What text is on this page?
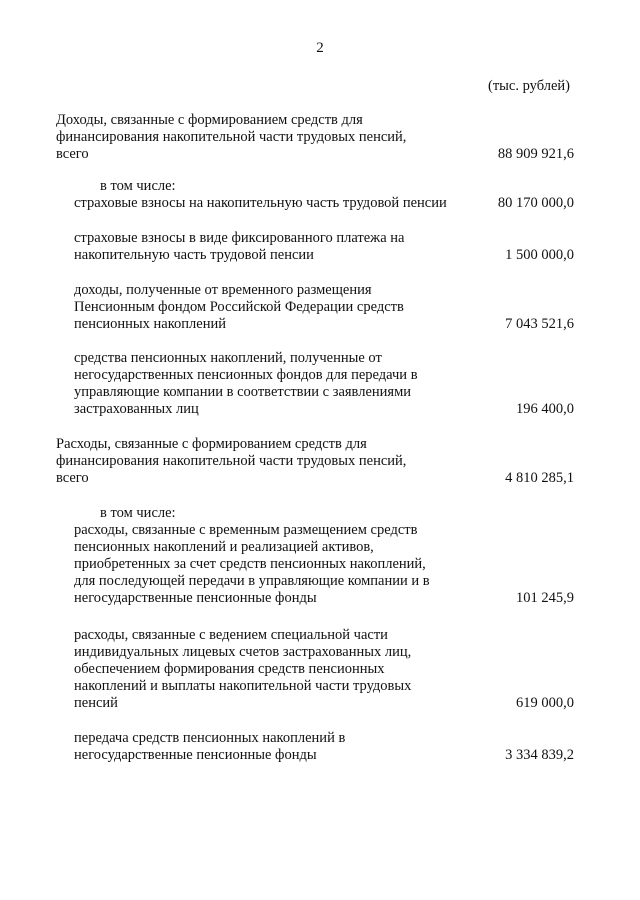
2
(тыс. рублей)
Доходы, связанные с формированием средств для
финансирования накопительной части трудовых пенсий,
всего	88 909 921,6
в том числе:
страховые взносы на накопительную часть трудовой пенсии	80 170 000,0
страховые взносы в виде фиксированного платежа на
накопительную часть трудовой пенсии	1 500 000,0
доходы, полученные от временного размещения
Пенсионным фондом Российской Федерации средств
пенсионных накоплений	7 043 521,6
средства пенсионных накоплений, полученные от
негосударственных пенсионных фондов для передачи в
управляющие компании в соответствии с заявлениями
застрахованных лиц	196 400,0
Расходы, связанные с формированием средств для
финансирования накопительной части трудовых пенсий,
всего	4 810 285,1
в том числе:
расходы, связанные с временным размещением средств
пенсионных накоплений и реализацией активов,
приобретенных за счет средств пенсионных накоплений,
для последующей передачи в управляющие компании и в
негосударственные пенсионные фонды	101 245,9
расходы, связанные с ведением специальной части
индивидуальных лицевых счетов застрахованных лиц,
обеспечением формирования средств пенсионных
накоплений и выплаты накопительной части трудовых
пенсий	619 000,0
передача средств пенсионных накоплений в
негосударственные пенсионные фонды	3 334 839,2
